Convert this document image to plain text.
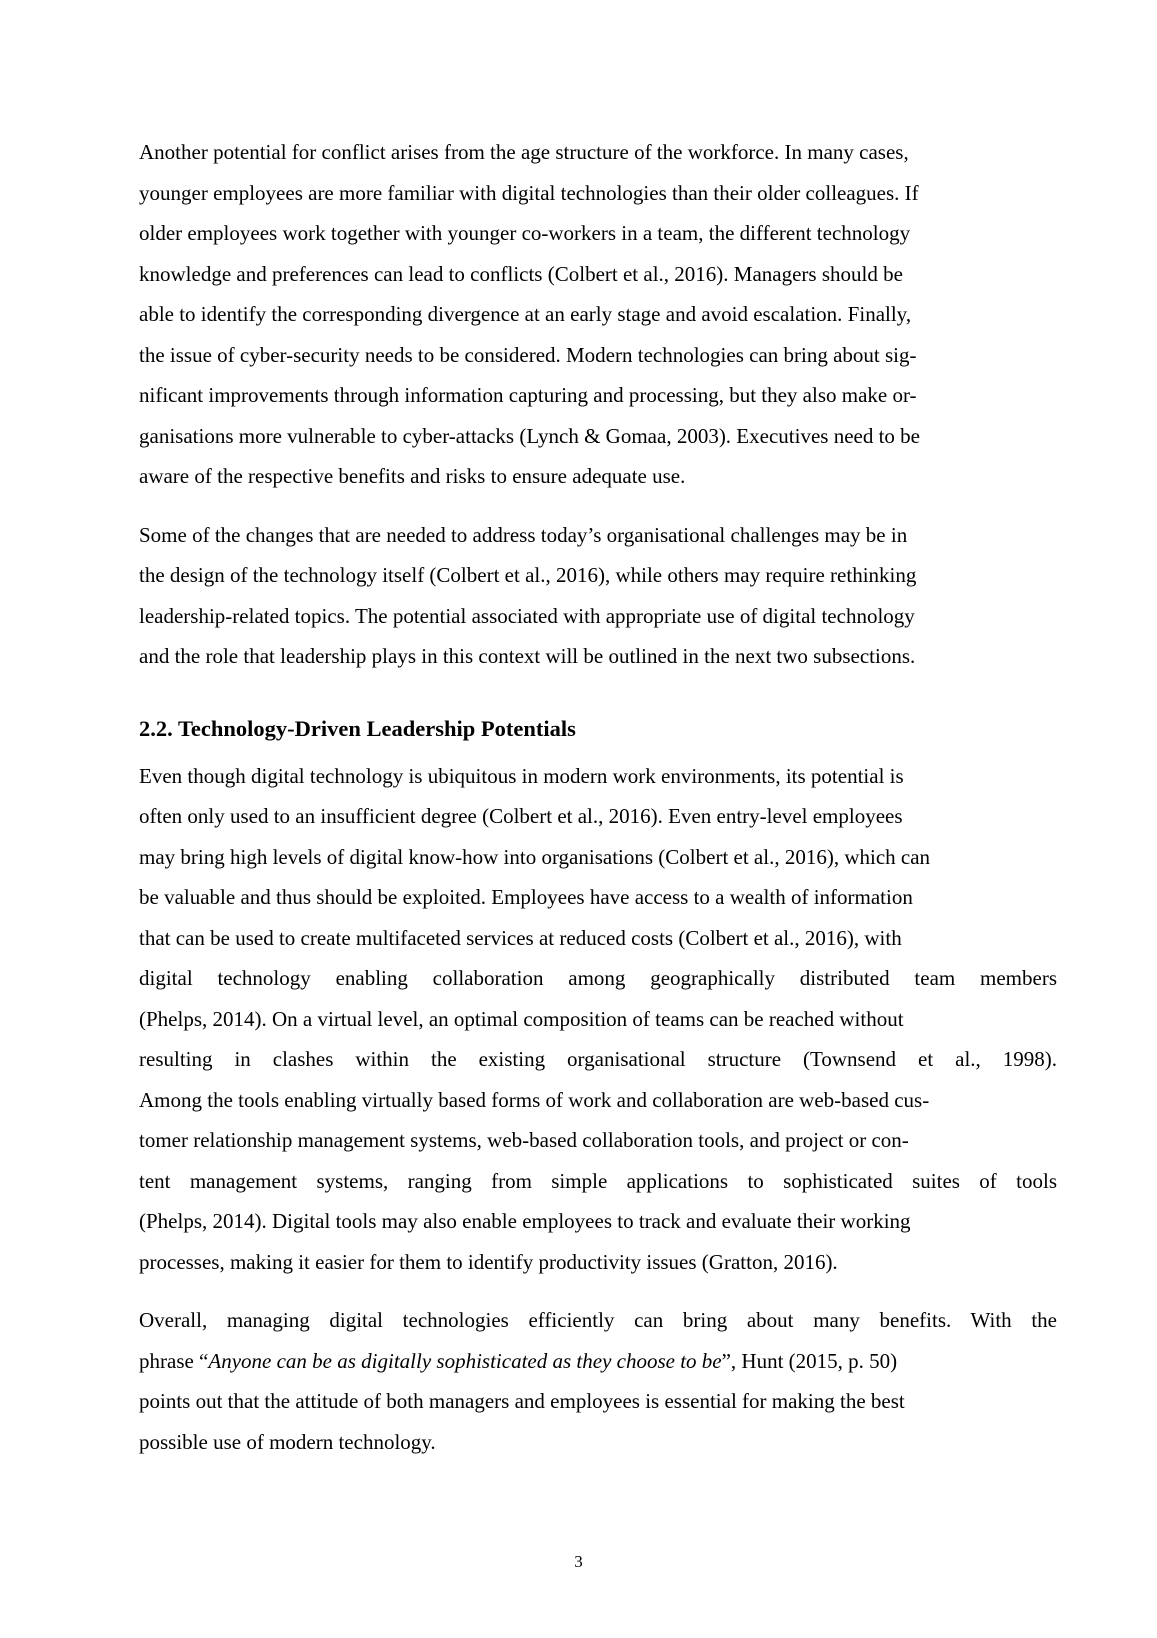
Another potential for conflict arises from the age structure of the workforce. In many cases,
younger employees are more familiar with digital technologies than their older colleagues. If
older employees work together with younger co-workers in a team, the different technology
knowledge and preferences can lead to conflicts (Colbert et al., 2016). Managers should be
able to identify the corresponding divergence at an early stage and avoid escalation. Finally,
the issue of cyber-security needs to be considered. Modern technologies can bring about sig-
nificant improvements through information capturing and processing, but they also make or-
ganisations more vulnerable to cyber-attacks (Lynch & Gomaa, 2003). Executives need to be
aware of the respective benefits and risks to ensure adequate use.

Some of the changes that are needed to address today’s organisational challenges may be in
the design of the technology itself (Colbert et al., 2016), while others may require rethinking
leadership-related topics. The potential associated with appropriate use of digital technology
and the role that leadership plays in this context will be outlined in the next two subsections.

2.2. Technology-Driven Leadership Potentials

Even though digital technology is ubiquitous in modern work environments, its potential is
often only used to an insufficient degree (Colbert et al., 2016). Even entry-level employees
may bring high levels of digital know-how into organisations (Colbert et al., 2016), which can
be valuable and thus should be exploited. Employees have access to a wealth of information
that can be used to create multifaceted services at reduced costs (Colbert et al., 2016), with
digital technology enabling collaboration among geographically distributed team members
(Phelps, 2014). On a virtual level, an optimal composition of teams can be reached without
resulting in clashes within the existing organisational structure (Townsend et al., 1998).
Among the tools enabling virtually based forms of work and collaboration are web-based cus-
tomer relationship management systems, web-based collaboration tools, and project or con-
tent management systems, ranging from simple applications to sophisticated suites of tools
(Phelps, 2014). Digital tools may also enable employees to track and evaluate their working
processes, making it easier for them to identify productivity issues (Gratton, 2016).

Overall, managing digital technologies efficiently can bring about many benefits. With the
phrase “Anyone can be as digitally sophisticated as they choose to be”, Hunt (2015, p. 50)
points out that the attitude of both managers and employees is essential for making the best
possible use of modern technology.

3
